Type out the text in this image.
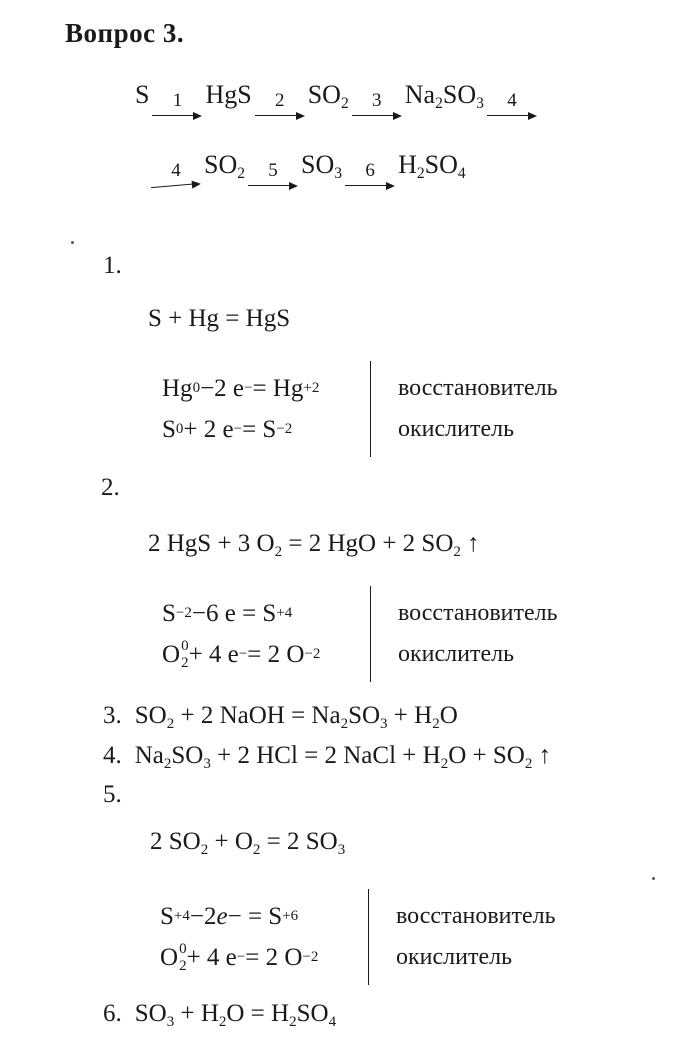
Вопрос 3.
S 1 HgS 2 $SO_2$ 3 $Na_2SO_3$ 4
4 $SO_2$ 5 $SO_3$ 6 $H_2SO_4$
1.
S + Hg = HgS
Hg 0 −2 e − = Hg +2
S 0 + 2 e − = S −2
восстановитель
окислитель
2.
2 HgS + 3 $O_2 = 2$ HgO + 2 $SO_2$ ↑
S −2 −6 e = S +4
O 0
2 + 4 e − = 2 O −2
восстановитель
окислитель
3. $SO_2 + 2$ NaOH = $Na_2SO_3 + H_2O$
4. $Na_2SO_3 + 2$ HCl = 2 NaCl + $H_2O + SO_2$ ↑
5.
2 $SO_2 + O_2 = 2$ $SO_3$
S +4 −2 e − = S +6
O 0
2 + 4 e − = 2 O −2
восстановитель
окислитель
6. $SO_3 + H_2O = H_2SO_4$
